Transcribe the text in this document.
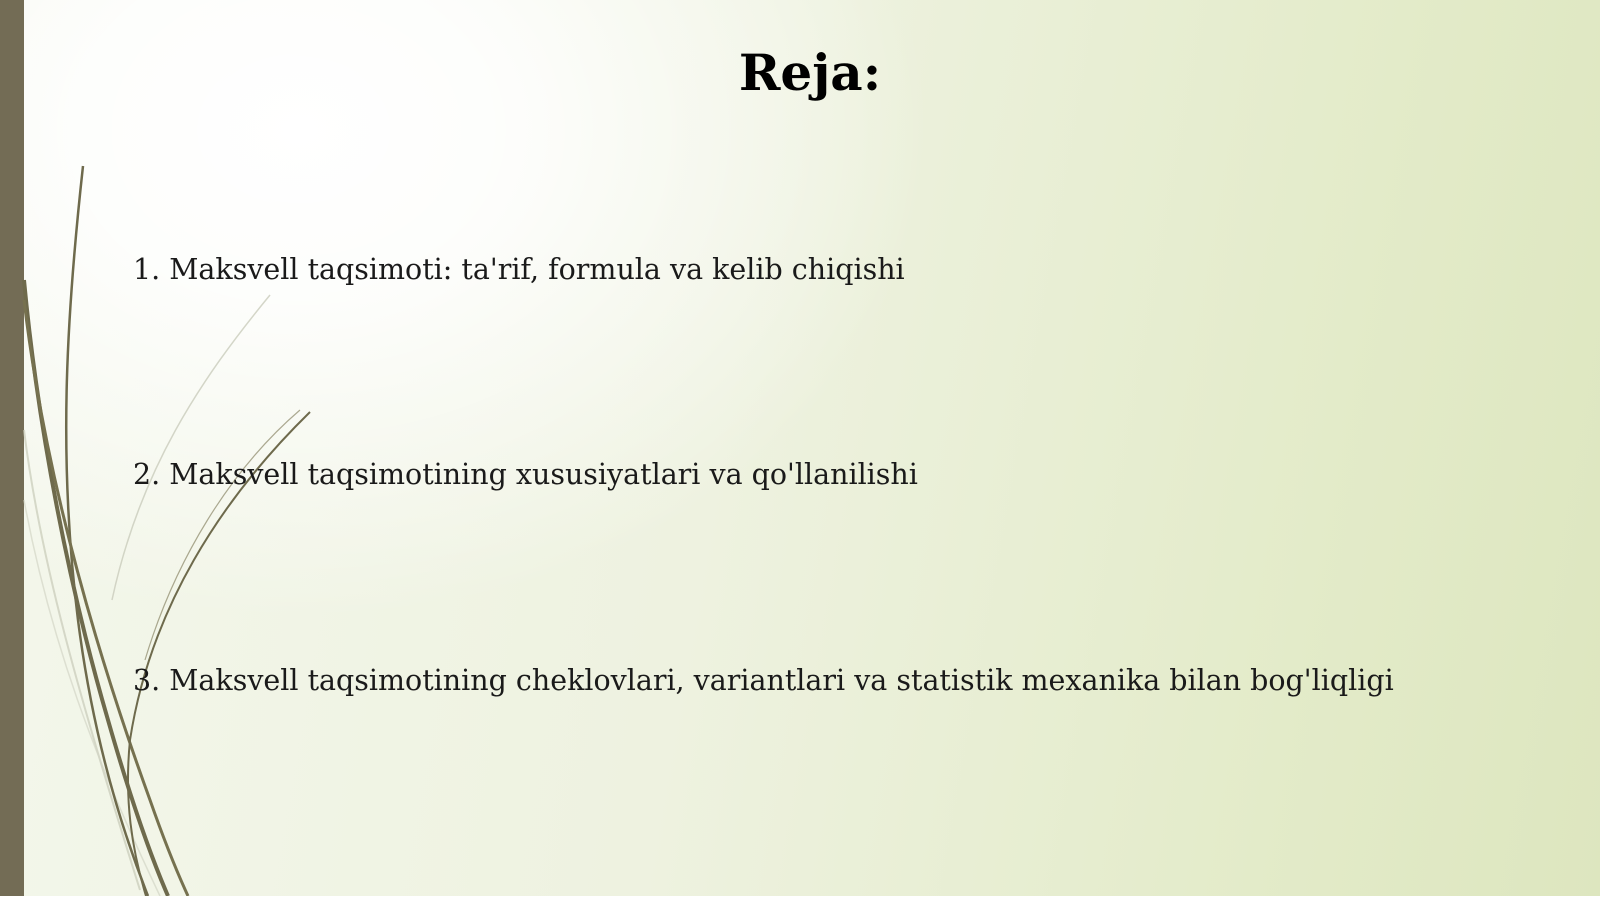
Reja:
1. Maksvell taqsimoti: ta'rif, formula va kelib chiqishi
2. Maksvell taqsimotining xususiyatlari va qo'llanilishi
3. Maksvell taqsimotining cheklovlari, variantlari va statistik mexanika bilan bog'liqligi
